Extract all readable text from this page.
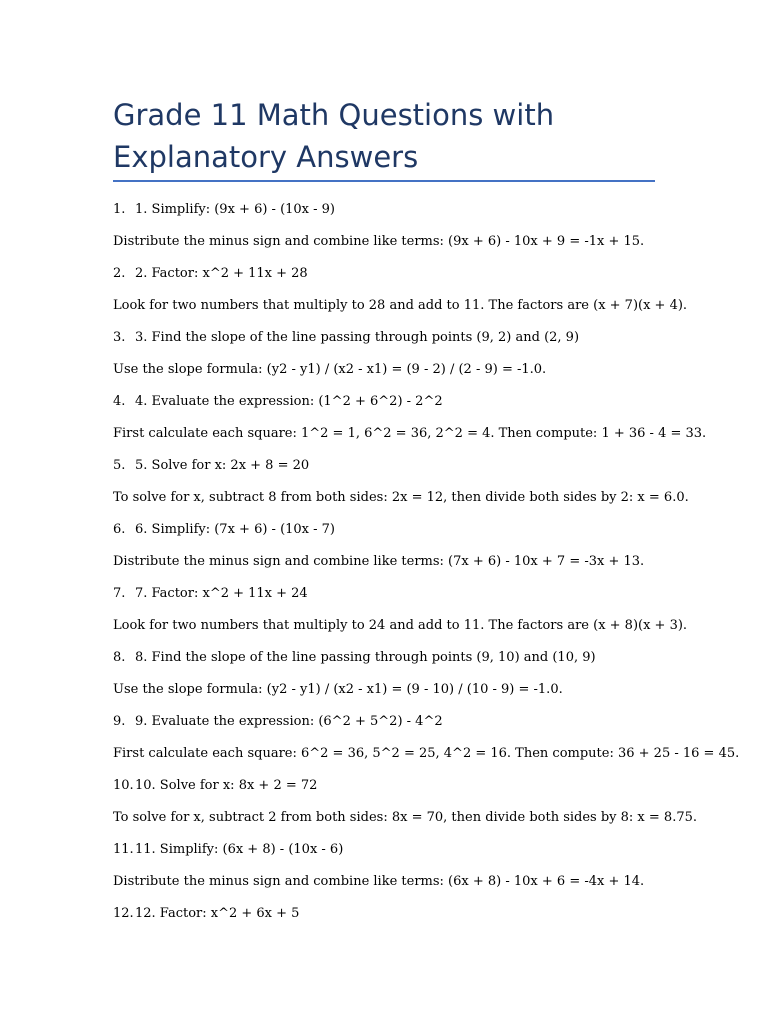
Grade 11 Math Questions with Explanatory Answers
1. 1. Simplify: (9x + 6) - (10x - 9)
Distribute the minus sign and combine like terms: (9x + 6) - 10x + 9 = -1x + 15.
2. 2. Factor: x^2 + 11x + 28
Look for two numbers that multiply to 28 and add to 11. The factors are (x + 7)(x + 4).
3. 3. Find the slope of the line passing through points (9, 2) and (2, 9)
Use the slope formula: (y2 - y1) / (x2 - x1) = (9 - 2) / (2 - 9) = -1.0.
4. 4. Evaluate the expression: (1^2 + 6^2) - 2^2
First calculate each square: 1^2 = 1, 6^2 = 36, 2^2 = 4. Then compute: 1 + 36 - 4 = 33.
5. 5. Solve for x: 2x + 8 = 20
To solve for x, subtract 8 from both sides: 2x = 12, then divide both sides by 2: x = 6.0.
6. 6. Simplify: (7x + 6) - (10x - 7)
Distribute the minus sign and combine like terms: (7x + 6) - 10x + 7 = -3x + 13.
7. 7. Factor: x^2 + 11x + 24
Look for two numbers that multiply to 24 and add to 11. The factors are (x + 8)(x + 3).
8. 8. Find the slope of the line passing through points (9, 10) and (10, 9)
Use the slope formula: (y2 - y1) / (x2 - x1) = (9 - 10) / (10 - 9) = -1.0.
9. 9. Evaluate the expression: (6^2 + 5^2) - 4^2
First calculate each square: 6^2 = 36, 5^2 = 25, 4^2 = 16. Then compute: 36 + 25 - 16 = 45.
10.10. Solve for x: 8x + 2 = 72
To solve for x, subtract 2 from both sides: 8x = 70, then divide both sides by 8: x = 8.75.
11.11. Simplify: (6x + 8) - (10x - 6)
Distribute the minus sign and combine like terms: (6x + 8) - 10x + 6 = -4x + 14.
12.12. Factor: x^2 + 6x + 5
